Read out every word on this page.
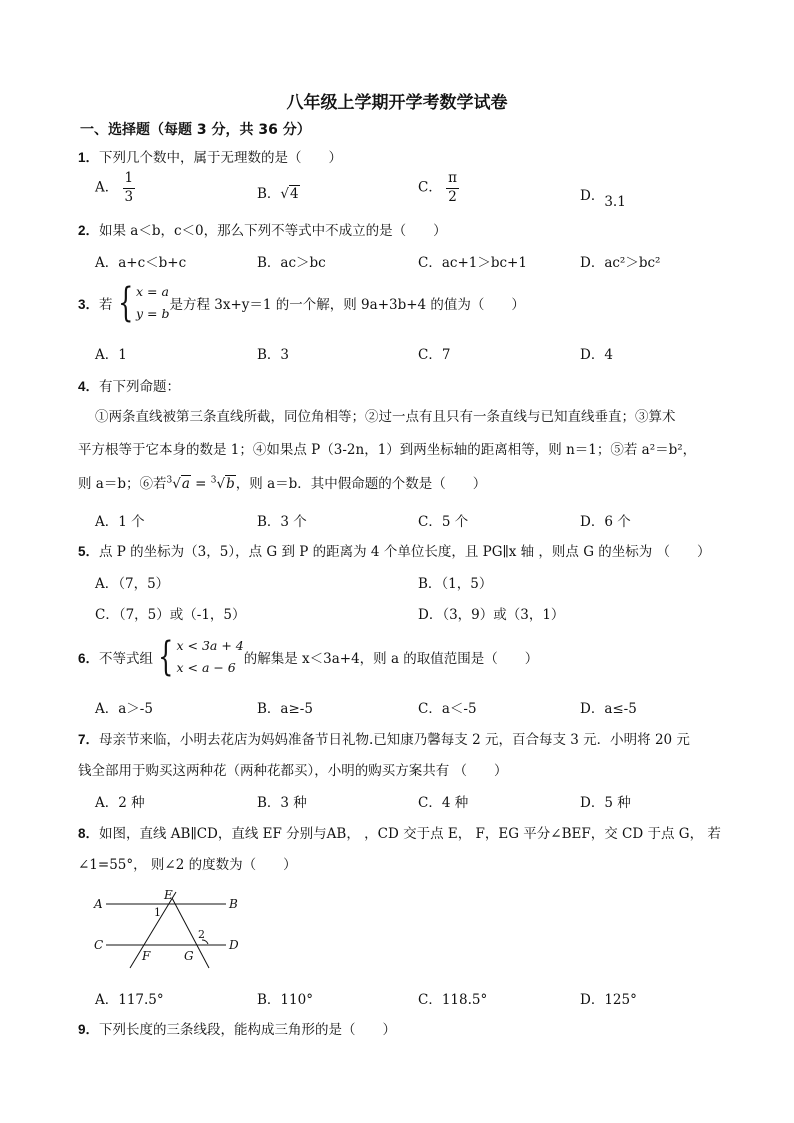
八年级上学期开学考数学试卷
一、选择题（每题 3 分，共 36 分）
1．下列几个数中，属于无理数的是（　　）
A． $\frac{1}{3}$	B．√4	C． $\frac{\pi}{2}$	D．3.1
2．如果 a＜b，c＜0，那么下列不等式中不成立的是（　　）
A．a+c＜b+c	B．ac＞bc	C．ac+1＞bc+1	D．ac²＞bc²
3． 若 { x = a
y = b
是方程 3x+y＝1 的一个解，则 9a+3b+4 的值为（　　）
A．1	B．3	C．7	D．4
4．有下列命题：
①两条直线被第三条直线所截，同位角相等；②过一点有且只有一条直线与已知直线垂直；③算术
平方根等于它本身的数是 1；④如果点 P（3-2n，1）到两坐标轴的距离相等，则 n＝1；⑤若 a²＝b²，
则 a＝b；⑥若$^3$√a = $^3$√b，则 a＝b．其中假命题的个数是（　　）
A．1 个	B．3 个	C．5 个	D．6 个
5．点 P 的坐标为（3，5），点 G 到 P 的距离为 4 个单位长度，且 PG∥x 轴 ，则点 G 的坐标为 （　　）
A．（7，5）	B．（1，5）
C．（7，5）或（-1，5）	D．（3，9）或（3，1）
6． 不等式组 { x < 3a + 4
x < a − 6
的解集是 x＜3a+4，则 a 的取值范围是（　　）
A．a＞-5	B．a≥-5	C．a＜-5	D．a≤-5
7．母亲节来临，小明去花店为妈妈准备节日礼物.已知康乃馨每支 2 元，百合每支 3 元．小明将 20 元
钱全部用于购买这两种花（两种花都买），小明的购买方案共有 （　　）
A．2 种	B．3 种	C．4 种	D．5 种
8．如图，直线 AB∥CD，直线 EF 分别与AB， ，CD 交于点 E， F，EG 平分∠BEF，交 CD 于点 G， 若
∠1=55°， 则∠2 的度数为（　　）
A	B
C	D
E
F	G
1
2
A．117.5°	B．110°	C．118.5°	D．125°
9．下列长度的三条线段，能构成三角形的是（　　）
